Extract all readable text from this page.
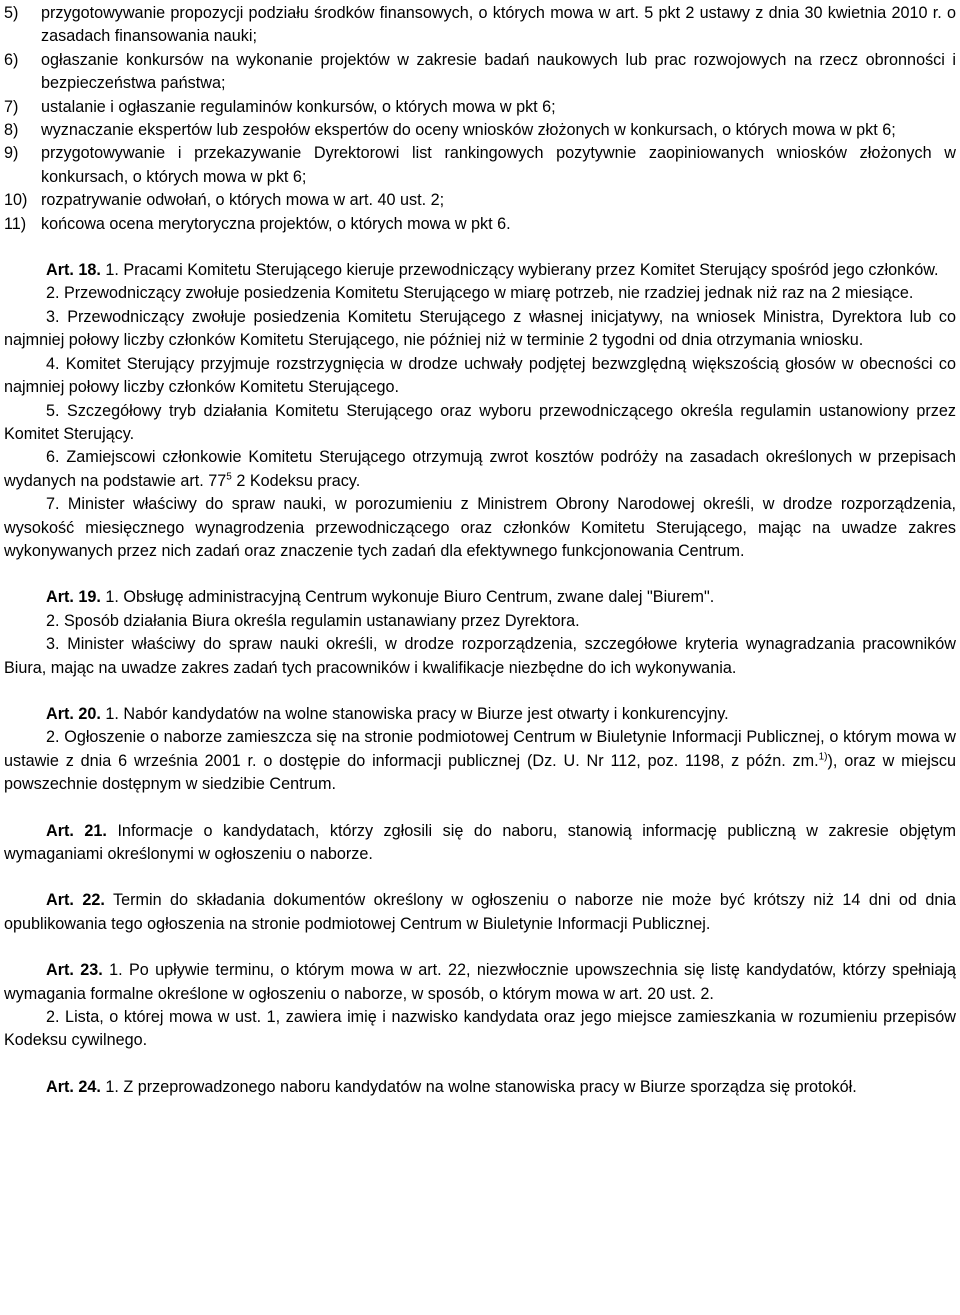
5) przygotowywanie propozycji podziału środków finansowych, o których mowa w art. 5 pkt 2 ustawy z dnia 30 kwietnia 2010 r. o zasadach finansowania nauki;
6) ogłaszanie konkursów na wykonanie projektów w zakresie badań naukowych lub prac rozwojowych na rzecz obronności i bezpieczeństwa państwa;
7) ustalanie i ogłaszanie regulaminów konkursów, o których mowa w pkt 6;
8) wyznaczanie ekspertów lub zespołów ekspertów do oceny wniosków złożonych w konkursach, o których mowa w pkt 6;
9) przygotowywanie i przekazywanie Dyrektorowi list rankingowych pozytywnie zaopiniowanych wniosków złożonych w konkursach, o których mowa w pkt 6;
10) rozpatrywanie odwołań, o których mowa w art. 40 ust. 2;
11) końcowa ocena merytoryczna projektów, o których mowa w pkt 6.

Art. 18. 1. Pracami Komitetu Sterującego kieruje przewodniczący wybierany przez Komitet Sterujący spośród jego członków.

2. Przewodniczący zwołuje posiedzenia Komitetu Sterującego w miarę potrzeb, nie rzadziej jednak niż raz na 2 miesiące.

3. Przewodniczący zwołuje posiedzenia Komitetu Sterującego z własnej inicjatywy, na wniosek Ministra, Dyrektora lub co najmniej połowy liczby członków Komitetu Sterującego, nie później niż w terminie 2 tygodni od dnia otrzymania wniosku.

4. Komitet Sterujący przyjmuje rozstrzygnięcia w drodze uchwały podjętej bezwzględną większością głosów w obecności co najmniej połowy liczby członków Komitetu Sterującego.

5. Szczegółowy tryb działania Komitetu Sterującego oraz wyboru przewodniczącego określa regulamin ustanowiony przez Komitet Sterujący.

6. Zamiejscowi członkowie Komitetu Sterującego otrzymują zwrot kosztów podróży na zasadach określonych w przepisach wydanych na podstawie art. $77^5$ 2 Kodeksu pracy.

7. Minister właściwy do spraw nauki, w porozumieniu z Ministrem Obrony Narodowej określi, w drodze rozporządzenia, wysokość miesięcznego wynagrodzenia przewodniczącego oraz członków Komitetu Sterującego, mając na uwadze zakres wykonywanych przez nich zadań oraz znaczenie tych zadań dla efektywnego funkcjonowania Centrum.

Art. 19. 1. Obsługę administracyjną Centrum wykonuje Biuro Centrum, zwane dalej "Biurem".

2. Sposób działania Biura określa regulamin ustanawiany przez Dyrektora.

3. Minister właściwy do spraw nauki określi, w drodze rozporządzenia, szczegółowe kryteria wynagradzania pracowników Biura, mając na uwadze zakres zadań tych pracowników i kwalifikacje niezbędne do ich wykonywania.

Art. 20. 1. Nabór kandydatów na wolne stanowiska pracy w Biurze jest otwarty i konkurencyjny.

2. Ogłoszenie o naborze zamieszcza się na stronie podmiotowej Centrum w Biuletynie Informacji Publicznej, o którym mowa w ustawie z dnia 6 września 2001 r. o dostępie do informacji publicznej (Dz. U. Nr 112, poz. 1198, z późn. zm.$^{1)}$), oraz w miejscu powszechnie dostępnym w siedzibie Centrum.

Art. 21. Informacje o kandydatach, którzy zgłosili się do naboru, stanowią informację publiczną w zakresie objętym wymaganiami określonymi w ogłoszeniu o naborze.

Art. 22. Termin do składania dokumentów określony w ogłoszeniu o naborze nie może być krótszy niż 14 dni od dnia opublikowania tego ogłoszenia na stronie podmiotowej Centrum w Biuletynie Informacji Publicznej.

Art. 23. 1. Po upływie terminu, o którym mowa w art. 22, niezwłocznie upowszechnia się listę kandydatów, którzy spełniają wymagania formalne określone w ogłoszeniu o naborze, w sposób, o którym mowa w art. 20 ust. 2.

2. Lista, o której mowa w ust. 1, zawiera imię i nazwisko kandydata oraz jego miejsce zamieszkania w rozumieniu przepisów Kodeksu cywilnego.

Art. 24. 1. Z przeprowadzonego naboru kandydatów na wolne stanowiska pracy w Biurze sporządza się protokół.
